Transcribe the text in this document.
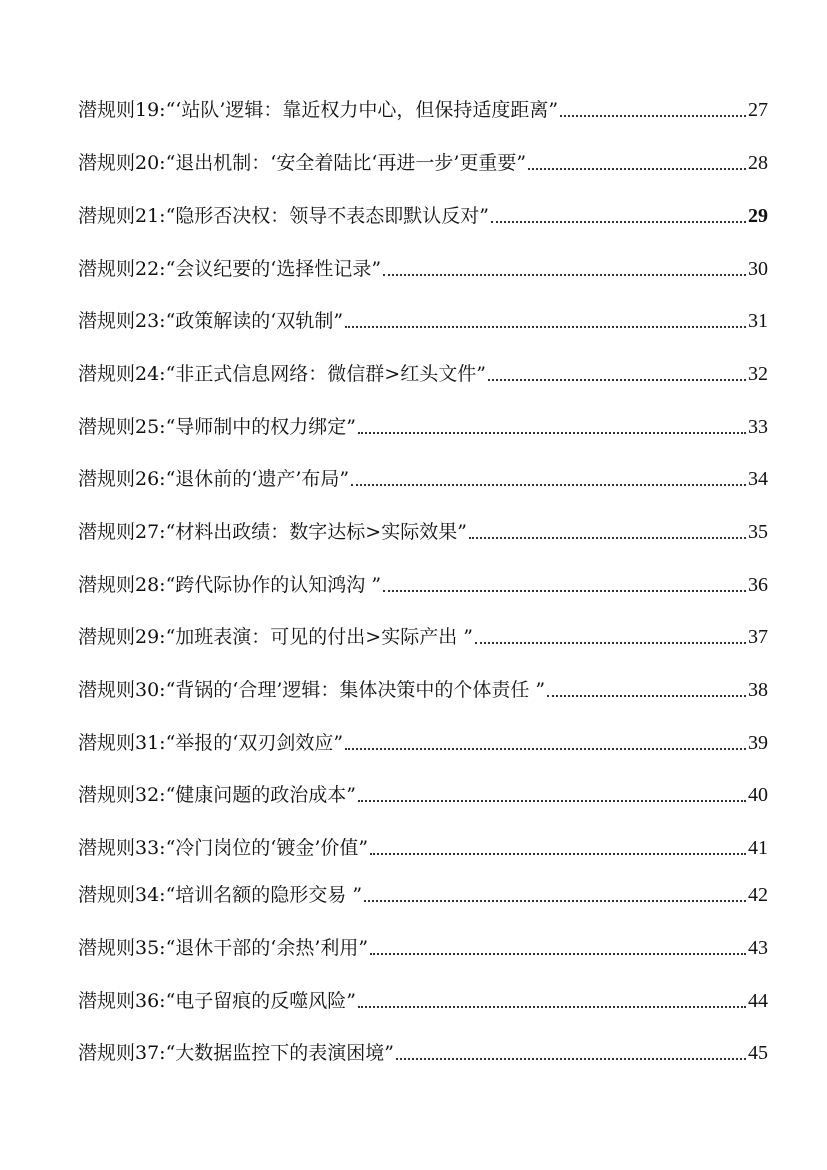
潜规则19:“‘站队’逻辑：靠近权力中心，但保持适度距离”	27
潜规则20:“退出机制：‘安全着陆比‘再进一步’更重要”	28
潜规则21:“隐形否决权：领导不表态即默认反对”	29
潜规则22:“会议纪要的‘选择性记录”	30
潜规则23:“政策解读的‘双轨制”	31
潜规则24:“非正式信息网络：微信群>红头文件”	32
潜规则25:“导师制中的权力绑定”	33
潜规则26:“退休前的‘遗产’布局”	34
潜规则27:“材料出政绩：数字达标>实际效果”	35
潜规则28:“跨代际协作的认知鸿沟 ”	36
潜规则29:“加班表演：可见的付出>实际产出 ”	37
潜规则30:“背锅的‘合理’逻辑：集体决策中的个体责任 ”	38
潜规则31:“举报的‘双刃剑效应”	39
潜规则32:“健康问题的政治成本”	40
潜规则33:“冷门岗位的‘镀金’价值”	41
潜规则34:“培训名额的隐形交易 ”	42
潜规则35:“退休干部的‘余热’利用”	43
潜规则36:“电子留痕的反噬风险”	44
潜规则37:“大数据监控下的表演困境”	45
